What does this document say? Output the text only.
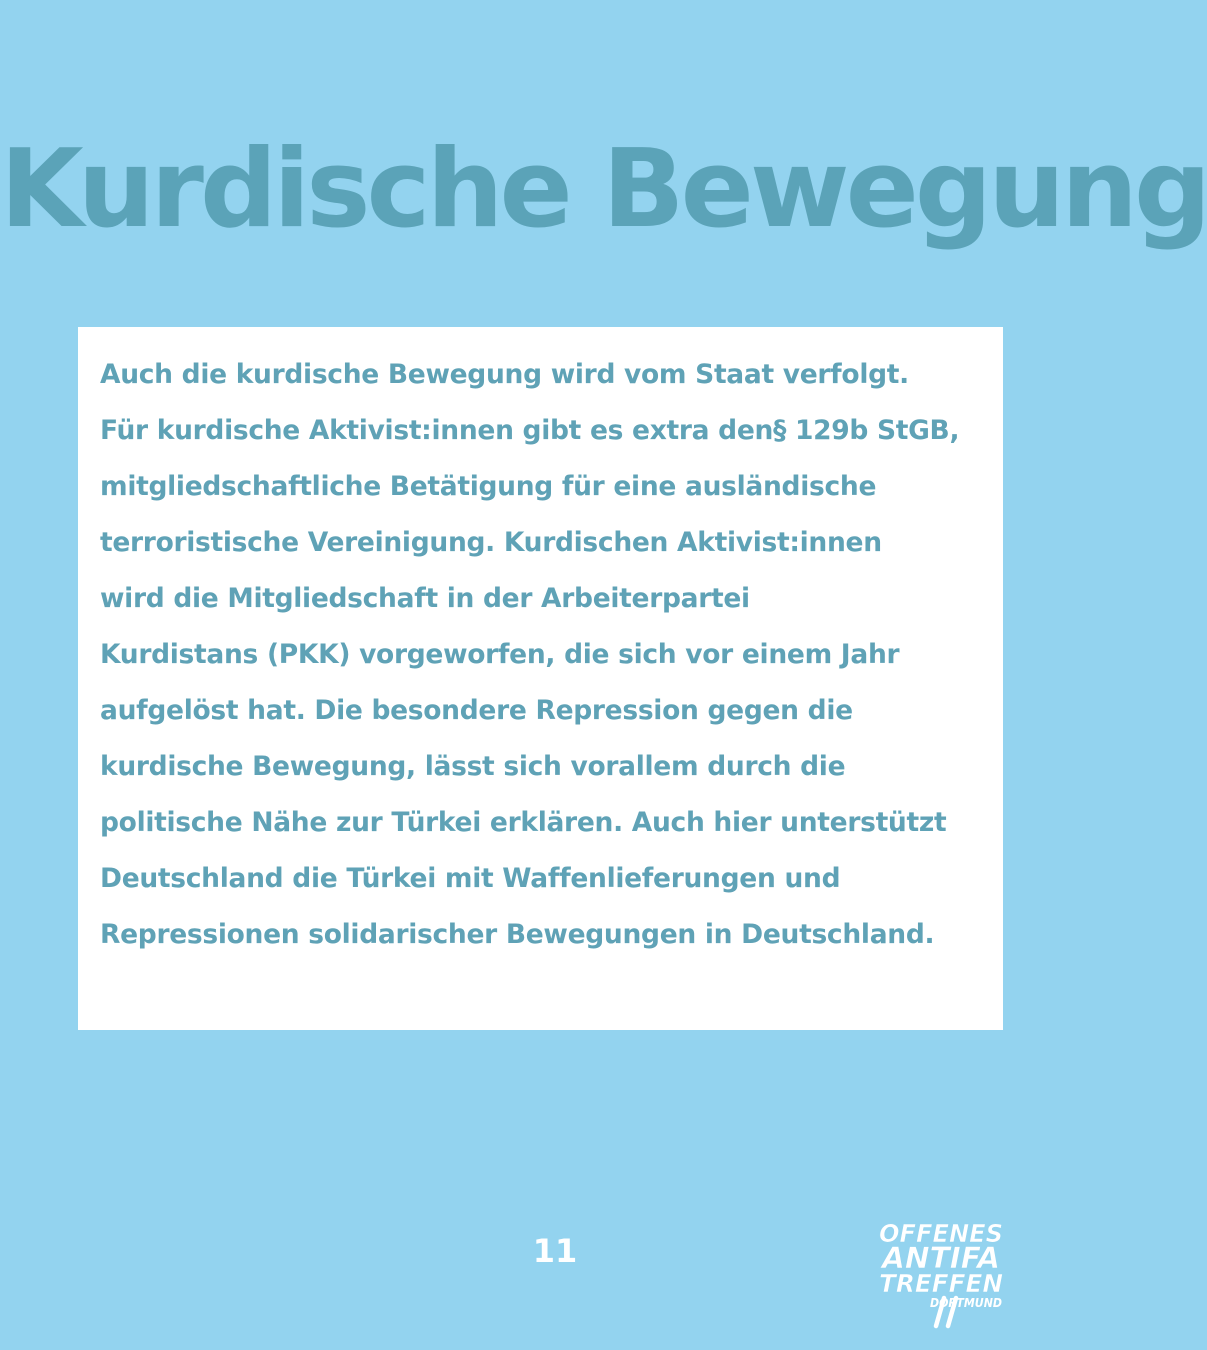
Kurdische Bewegung
Auch die kurdische Bewegung wird vom Staat verfolgt.
Für kurdische Aktivist:innen gibt es extra den§ 129b StGB,
mitgliedschaftliche Betätigung für eine ausländische
terroristische Vereinigung. Kurdischen Aktivist:innen
wird die Mitgliedschaft in der Arbeiterpartei
Kurdistans (PKK) vorgeworfen, die sich vor einem Jahr
aufgelöst hat. Die besondere Repression gegen die
kurdische Bewegung, lässt sich vorallem durch die
politische Nähe zur Türkei erklären. Auch hier unterstützt
Deutschland die Türkei mit Waffenlieferungen und
Repressionen solidarischer Bewegungen in Deutschland.
11	OFFENES
ANTIFA
TREFFEN
DORTMUND
